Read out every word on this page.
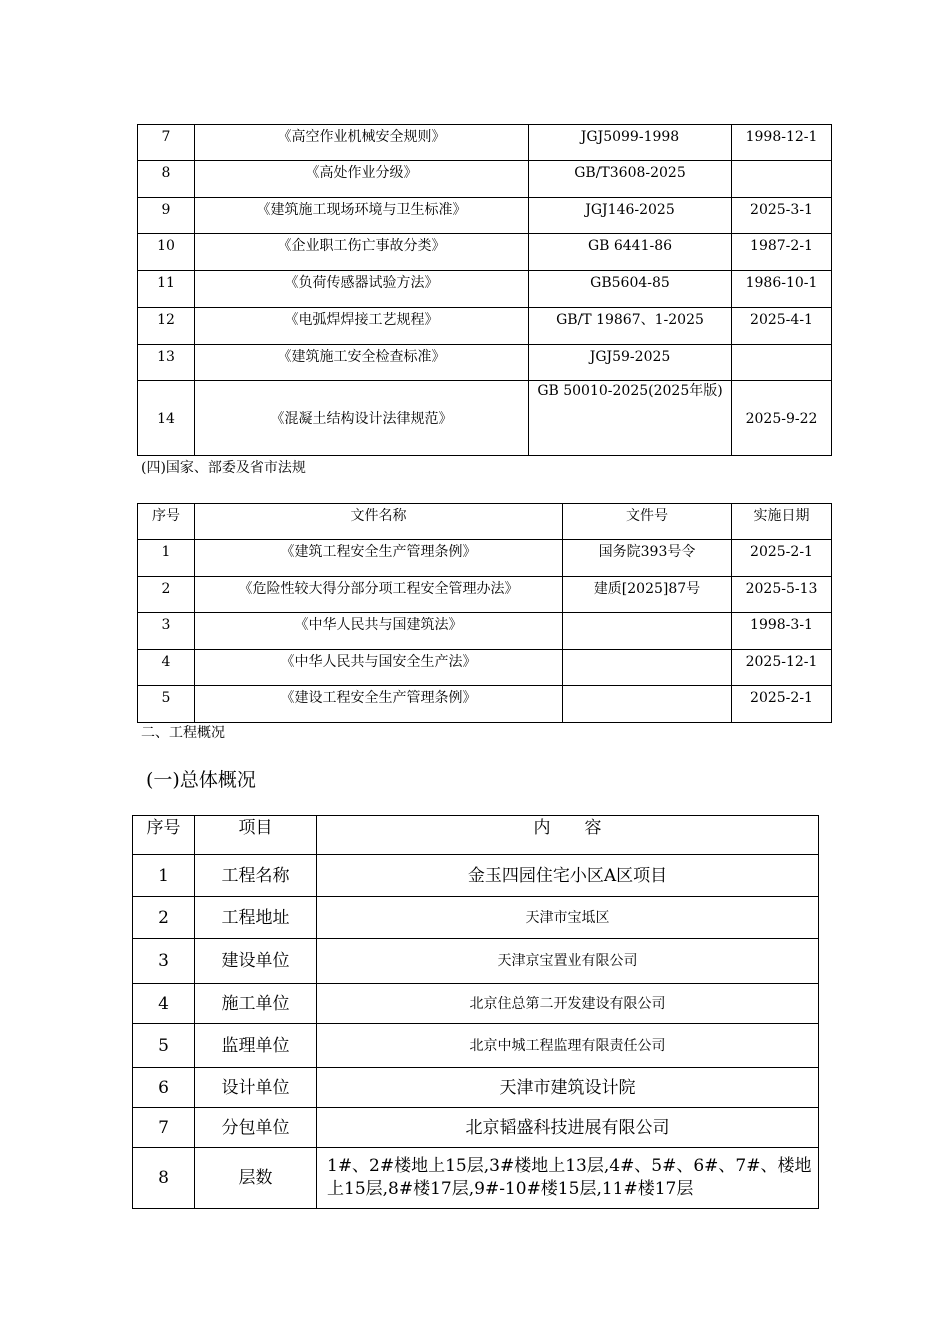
7	《高空作业机械安全规则》	JGJ5099-1998	1998-12-1
8	《高处作业分级》	GB/T3608-2025	
9	《建筑施工现场环境与卫生标准》	JGJ146-2025	2025-3-1
10	《企业职工伤亡事故分类》	GB 6441-86	1987-2-1
11	《负荷传感器试验方法》	GB5604-85	1986-10-1
12	《电弧焊焊接工艺规程》	GB/T 19867、1-2025	2025-4-1
13	《建筑施工安全检查标准》	JGJ59-2025	
14	《混凝土结构设计法律规范》	GB 50010-2025(2025年版)	2025-9-22
(四)国家、部委及省市法规
序号	文件名称	文件号	实施日期
1	《建筑工程安全生产管理条例》	国务院393号令	2025-2-1
2	《危险性较大得分部分项工程安全管理办法》	建质[2025]87号	2025-5-13
3	《中华人民共与国建筑法》		1998-3-1
4	《中华人民共与国安全生产法》		2025-12-1
5	《建设工程安全生产管理条例》		2025-2-1
二、工程概况
(一)总体概况
序号	项目	内　　容
1	工程名称	金玉四园住宅小区A区项目
2	工程地址	天津市宝坻区
3	建设单位	天津京宝置业有限公司
4	施工单位	北京住总第二开发建设有限公司
5	监理单位	北京中城工程监理有限责任公司
6	设计单位	天津市建筑设计院
7	分包单位	北京韬盛科技进展有限公司
8	层数	1#、2#楼地上15层,3#楼地上13层,4#、5#、6#、7#、楼地上15层,8#楼17层,9#-10#楼15层,11#楼17层
